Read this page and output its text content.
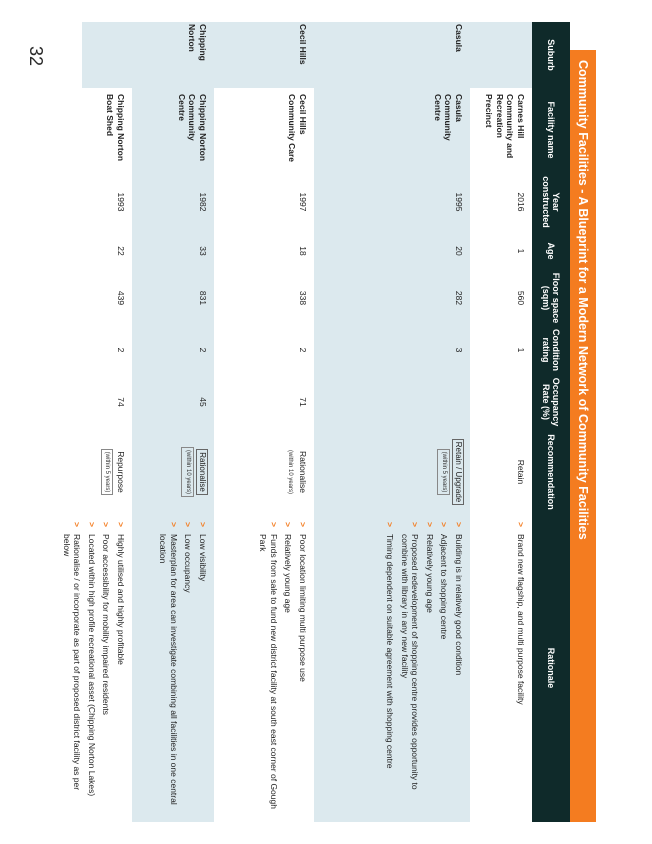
32
Community Facilities - A Blueprint for a Modern Network of Community Facilities
Suburb
Facility name
Year constructed
Age
Floor space (sqm)
Condition rating
Occupancy Rate (%)
Recommendation
Rationale
Carnes Hill Community and Recreation Precinct
2016
1
560
1
Retain
>
Brand new flagship, and multi purpose facility
Casula
Casula Community Centre
1995
20
282
3
Retain / Upgrade
(within 5 years)
>
Building is in relatively good condition
>
Adjacent to shopping centre
>
Relatively young age
>
Proposed redevelopment of shopping centre provides opportunity to combine with library in any new facility
>
Timing dependent on suitable agreement with shopping centre
Cecil Hills
Cecil Hills Community Care
1997
18
338
2
71
Rationalise
(within 10 years)
>
Poor location limiting multi purpose use
>
Relatively young age
>
Funds from sale to fund new district facility at south east corner of Gough Park
Chipping Norton
Chipping Norton Community Centre
1982
33
831
2
45
Rationalise
(within 10 years)
>
Low visibility
>
Low occupancy
>
Masterplan for area can investigate combining all facilities in one central location
Chipping Norton Boat Shed
1993
22
439
2
74
Repurpose
(within 5 years)
>
Highly utilised and highly profitable
>
Poor accessibility for mobility impaired residents
>
Located within high profile recreational asset (Chipping Norton Lakes)
>
Rationalise / or incorporate as part of proposed district facility as per below
